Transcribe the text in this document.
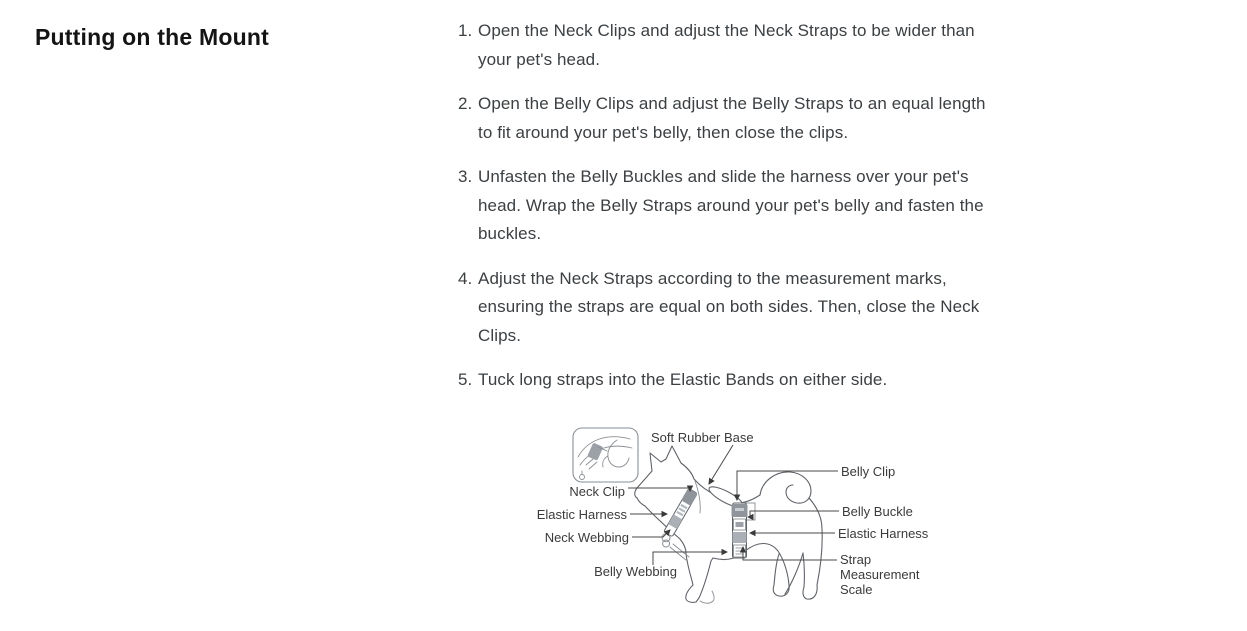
Putting on the Mount	1. Open the Neck Clips and adjust the Neck Straps to be wider than your pet's head.
2. Open the Belly Clips and adjust the Belly Straps to an equal length to fit around your pet's belly, then close the clips.
3. Unfasten the Belly Buckles and slide the harness over your pet's head. Wrap the Belly Straps around your pet's belly and fasten the buckles.
4. Adjust the Neck Straps according to the measurement marks, ensuring the straps are equal on both sides. Then, close the Neck Clips.
5. Tuck long straps into the Elastic Bands on either side.
Soft Rubber Base
Neck Clip
Elastic Harness
Neck Webbing
Belly Webbing
Belly Clip
Belly Buckle
Elastic Harness
Strap
Measurement
Scale
